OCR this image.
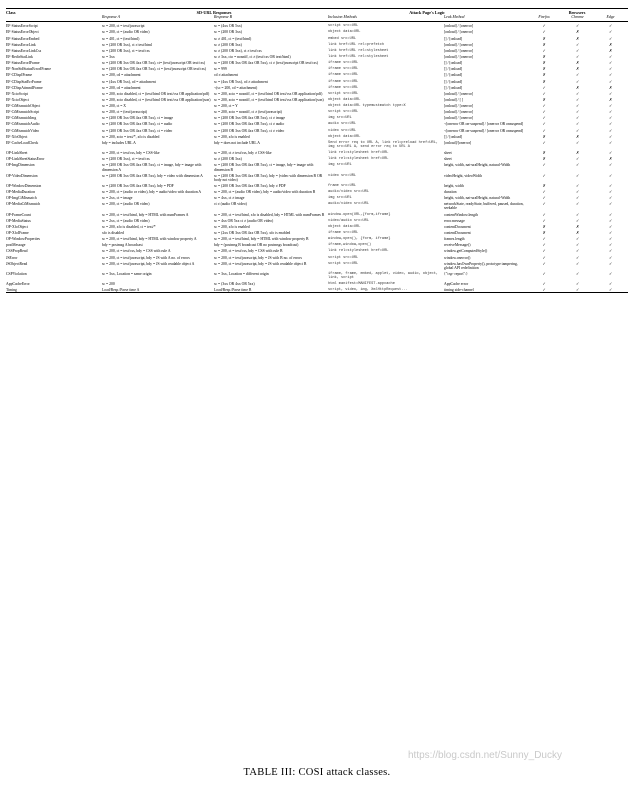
Class	SD-URL Responses		Attack Page's Logic		Browsers		
	Response A	Response B	Inclusion Methods	Leak Method	Firefox	Chrome	Edge
EF-StatusErrorScript	sc = 200, ct = text/javascript	sc = (4xx OR 5xx)	script src=URL	[onload] / [onerror]	✓	✓	✓
EF-StatusErrorObject	sc = 200, ct = (audio OR video)	sc = (200 OR 3xx)	object data=URL	[onload] / [onerror]	✓	✗	✓
EF-StatusErrorEmbed	sc = 401, ct = (text/html)	sc ≠ 401, ct = (text/html)	embed src=URL	[] / [onload]	✗	✗	✓
EF-StatusErrorLink	sc = (200 OR 3xx), ct ≠ text/html	sc ≠ (200 OR 3xx)	link href=URL rel=prefetch	[onload] / [onerror]	✗	✓	✗
EF-StatusErrorLinkCss	sc = (200 OR 3xx), ct = text/css	sc ≠ (200 OR 3xx), ct ≠ text/css	link href=URL rel=stylesheet	[onload] / [onerror]	✓	✓	✗
EF-RedirStatLink	sc = 3xx	sc ≠ 3xx, cto = nosniff, ct ≠ (text/css OR text/html)	link href=URL rel=stylesheet	[onload] / [onerror]	✗	✓	✓
EF-StatusErrorIFrame	sc = (200 OR 3xx OR 4xx OR 5xx), ct= (text/javascript OR text/css)	sc = (200 OR 3xx OR 4xx OR 5xx), ct ≠ (text/javascript OR text/css)	iframe src=URL	[] / [onload]	✗	✗	✓
EF-NonStdStatusErrorIFrame	sc = (200 OR 3xx OR 4xx OR 5xx), ct = (text/javascript OR text/css)	sc = 999	iframe src=URL	[] / [onload]	✗	✗	✓
EF-CDispIFrame	sc = 200, cd = attachment	cd ≠ attachment	iframe src=URL	[] / [onload]	✗	✓	✓
EF-CDispStatErrFrame	sc = (4xx OR 5xx), cd = attachment	sc = (4xx OR 5xx), cd ≠ attachment	iframe src=URL	[] / [onload]	✗	✓	✓
EF-CDispAttmntIFrame	sc = 200, cd = attachment	¬(sc = 200, cd = attachment)	iframe src=URL	[] / [onload]	✓	✗	✗
EF-XctoScript	sc = 200, xcto disabled, ct = (text/html OR text/css OR application/pdf)	sc = 200, xcto = nosniff, ct = (text/html OR text/css OR application/pdf)	script src=URL	[onload] / [onerror]	✓	✓	✓
EF-XctoObject	sc = 200, xcto disabled, ct = (text/html OR text/css OR application/json)	sc = 200, xcto = nosniff, ct = (text/html OR text/css OR application/json)	object data=URL	[onload] / [ ]	✗	✓	✗
EF-CtMismatchObject	sc = 200, ct = X	sc = 200, ct = Y	object data=URL typemustmatch type=X	[onload] / [onerror]	✓	✓	✓
EF-CtMismatchScript	sc = 200, ct = (text/javascript)	sc = 200, xcto = nosniff, ct ≠ (text/javascript)	script src=URL	[onload] / [onerror]	✓	✓	✓
EF-CtMismatchImg	sc = (200 OR 3xx OR 4xx OR 5xx), ct = image	sc = (200 OR 3xx OR 4xx OR 5xx), ct ≠ image	img src=URL	[onload] / [onerror]	✓	✓	✓
EF-CtMismatchAudio	sc = (200 OR 3xx OR 4xx OR 5xx), ct = audio	sc = (200 OR 3xx OR 4xx OR 5xx), ct ≠ audio	audio src=URL	¬[onerror OR on-suspend] / [onerror OR onsuspend]	✓	✓	✓
EF-CtMismatchVideo	sc = (200 OR 3xx OR 4xx OR 5xx), ct = video	sc = (200 OR 3xx OR 4xx OR 5xx), ct ≠ video	video src=URL	¬[onerror OR on-suspend] / [onerror OR onsuspend]	✓	✓	✓
EF-XfoObject	sc = 200, xcto = text/*, xfo is disabled	sc = 200, xfo is enabled	object data=URL	[] / [onload]	✗	✗	✓
EF-CacheLoadCheck	bdy = includes URL A	bdy = does not include URL A	Send error req to URL A, link rel=preload href=URL, img src=URL A, send error req to URL A	[onload]/[onerror]	✓	✓	✓
OP-LinkSheet	sc = 200, ct = text/css, bdy = CSS-like	sc = 200, ct ≠ text/css, bdy ≠ CSS-like	link rel=stylesheet href=URL	sheet	✗	✗	✓
OP-LinkSheetStatusError	sc = (200 OR 3xx), ct = text/css	sc ≠ (200 OR 3xx)	link rel=stylesheet href=URL	sheet	✗	✓	✗
OP-ImgDimension	sc = (200 OR 3xx OR 4xx OR 5xx), ct = image, bdy = image with dimension A	sc = (200 OR 3xx OR 4xx OR 5xx), ct = image, bdy = image with dimension B	img src=URL	height, width, nat-uralHeight, natural-Width	✓	✓	✓
OP-VideoDimension	sc = (200 OR 3xx OR 4xx OR 5xx), bdy = video with dimension A	sc = (200 OR 3xx OR 4xx OR 5xx), bdy = (video with dimension B OR body not video)	video src=URL	videoHeight, videoWidth	✓	✓	✓
OP-WindowDimension	sc = (200 OR 3xx OR 4xx OR 5xx), bdy = PDF	sc = (200 OR 3xx OR 4xx OR 5xx), bdy ≠ PDF	frame src=URL	height, width	✗	✓	✓
OP-MediaDuration	sc = 200, ct = (audio or video), bdy = audio/video with duration A	sc = 200, ct = (audio OR video), bdy = audio/video with duration B	audio/video src=URL	duration	✓	✓	✓
OP-ImgCtMismatch	sc = 2xx, ct = image	sc = 4xx, ct ≠ image	img src=URL	height, width, nat-uralHeight, natural-Width	✓	✓	✓
OP-MediaCtMismatch	sc = 200, ct = (audio OR video)	ct ≠ (audio OR video)	audio/video src=URL	networkState, readyState, buffered, paused, duration, seekable	✓	✓	✓
OP-FrameCount	sc = 200, ct = text/html, bdy = HTML with numFrames A	sc = 200, ct = text/html, xfo is disabled, bdy = HTML with numFrames B	window.open(URL,{form,iframe}	contentWindow.length	✓	✓	✓
OP-MediaStatus	sc = 2xx, ct = (audio OR video)	sc = 4xx OR 5xx ct ≠ (audio OR video)	video/audio src=URL	error.message	✓	✓	✓
OP-XfoObject	sc = 200, xfo is disabled, ct = text/*	sc = 200, xfo is enabled	object data=URL	contentDocument	✗	✗	✓
OP-XfoIFrame	xfo is disabled	sc = (2xx OR 3xx OR 4xx OR 5xx), xfo is enabled	iframe src=URL	contentDocument	✗	✗	✓
OP-WindowProperties	sc = 200, ct = text/html, bdy = HTML with window property A	sc = 200, ct = text/html, bdy = HTML with window property B	window,open(), {form, iframe}	frames.length	✓	✓	✓
postMessage	bdy = postmsg A broadcast	bdy = (postmsg B broadcast OR no postmsgs broadcast)	iframe,window,open()	receiveMessage()	✓	✓	✓
CSSPropRead	sc = 200, ct = text/css, bdy = CSS with rule A	sc = 200, ct = text/css, bdy = CSS with rule B	link rel=stylesheet href=URL	window.getComputedStyle()	✓	✓	✓
JSError	sc = 200, ct = text/javascript, bdy = JS with A no. of errors	sc = 200, ct = text/javascript, bdy = JS with B no. of errors	script src=URL	window.onerror()	✓	✓	✓
JSObjectRead	sc = 200, ct = text/javascript, bdy = JS with readable object A	sc = 200, ct = text/javascript, bdy = JS with readable object B	script src=URL	window.hasOwnProperty(), prototype tampering, global API redefinition	✓	✓	✓
CSPViolation	sc = 3xx, Location = same origin	sc = 3xx, Location = different origin	iframe, frame, embed, applet, video, audio, object, link, script	{"csp- report":}	✓	✓	✓
AppCacheError	sc = 200	sc = (3xx OR 4xx OR 5xx)	html manifest=MANIFEST.appcache	AppCache error	✓	✓	✓
Timing	Load/Resp./Parse time A	Load/Resp./Parse time B	script, video, img, XmlHttpRequest...	timing side-channel	✓	✓	✓
https://blog.csdn.net/Sunny_Ducky
TABLE III: COSI attack classes.
